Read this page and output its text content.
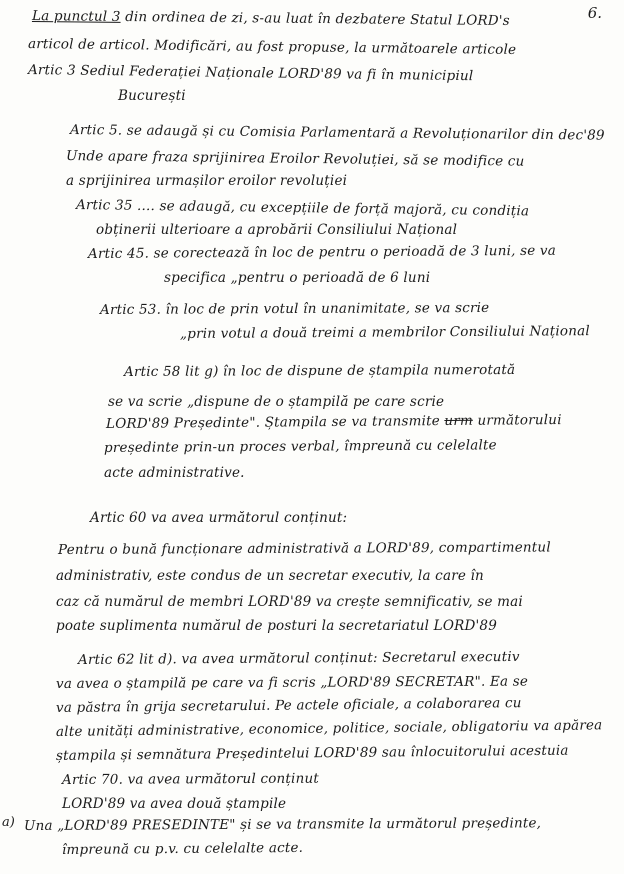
6.
La punctul 3 din ordinea de zi, s-au luat în dezbatere Statul LORD's
articol de articol. Modificări, au fost propuse, la următoarele articole
Artic 3 Sediul Federației Naționale LORD'89 va fi în municipiul
București
Artic 5. se adaugă și cu Comisia Parlamentară a Revoluționarilor din dec'89
Unde apare fraza sprijinirea Eroilor Revoluției, să se modifice cu
a sprijinirea urmașilor eroilor revoluției
Artic 35 .... se adaugă, cu excepțiile de forță majoră, cu condiția
obținerii ulterioare a aprobării Consiliului Național
Artic 45. se corectează în loc de pentru o perioadă de 3 luni, se va
specifica „pentru o perioadă de 6 luni
Artic 53. în loc de prin votul în unanimitate, se va scrie
„prin votul a două treimi a membrilor Consiliului Național
Artic 58 lit g) în loc de dispune de ștampila numerotată
se va scrie „dispune de o ștampilă pe care scrie
LORD'89 Președinte". Ștampila se va transmite urm următorului
președinte prin-un proces verbal, împreună cu celelalte
acte administrative.
Artic 60 va avea următorul conținut:
Pentru o bună funcționare administrativă a LORD'89, compartimentul
administrativ, este condus de un secretar executiv, la care în
caz că numărul de membri LORD'89 va crește semnificativ, se mai
poate suplimenta numărul de posturi la secretariatul LORD'89
Artic 62 lit d). va avea următorul conținut: Secretarul executiv
va avea o ștampilă pe care va fi scris „LORD'89 SECRETAR". Ea se
va păstra în grija secretarului. Pe actele oficiale, a colaborarea cu
alte unități administrative, economice, politice, sociale, obligatoriu va apărea
ștampila și semnătura Președintelui LORD'89 sau înlocuitorului acestuia
Artic 70. va avea următorul conținut
LORD'89 va avea două ștampile
a) Una „LORD'89 PRESEDINTE" și se va transmite la următorul președinte,
împreună cu p.v. cu celelalte acte.
